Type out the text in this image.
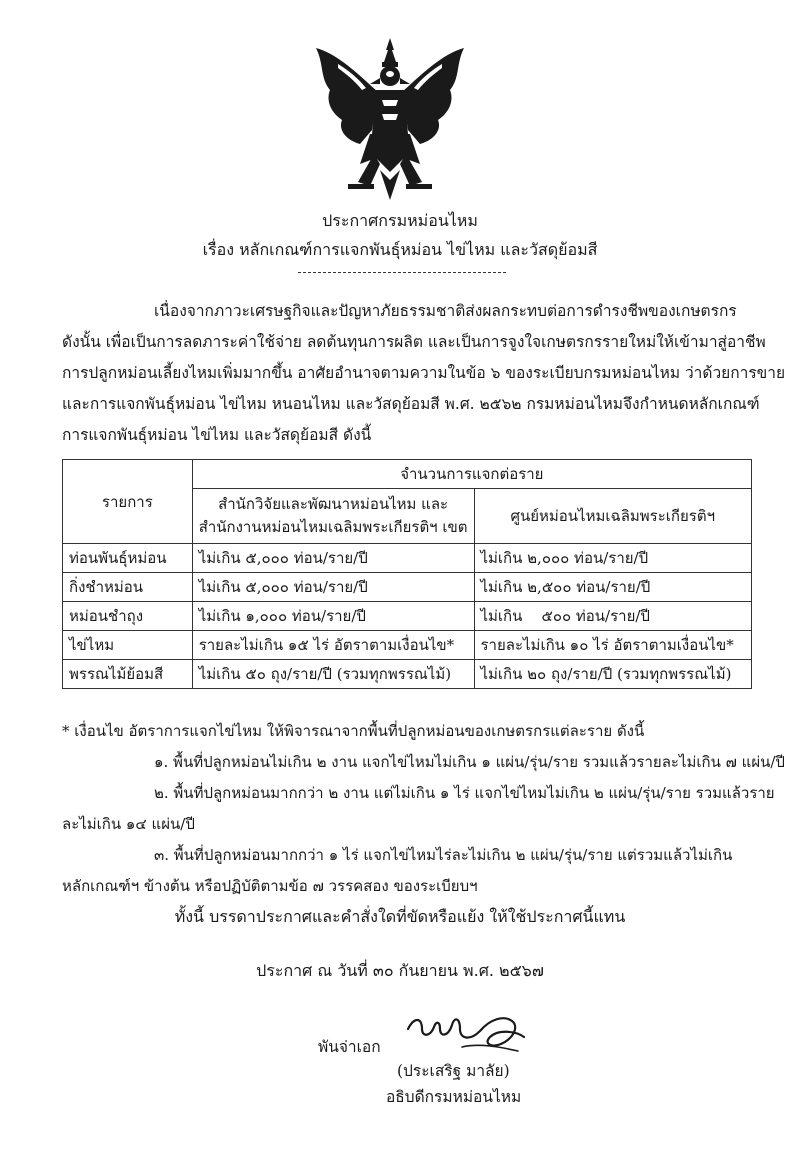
ประกาศกรมหม่อนไหม
เรื่อง หลักเกณฑ์การแจกพันธุ์หม่อน ไข่ไหม และวัสดุย้อมสี
เนื่องจากภาวะเศรษฐกิจและปัญหาภัยธรรมชาติส่งผลกระทบต่อการดำรงชีพของเกษตรกร
ดังนั้น เพื่อเป็นการลดภาระค่าใช้จ่าย ลดต้นทุนการผลิต และเป็นการจูงใจเกษตรกรรายใหม่ให้เข้ามาสู่อาชีพ
การปลูกหม่อนเลี้ยงไหมเพิ่มมากขึ้น อาศัยอำนาจตามความในข้อ ๖ ของระเบียบกรมหม่อนไหม ว่าด้วยการขาย
และการแจกพันธุ์หม่อน ไข่ไหม หนอนไหม และวัสดุย้อมสี พ.ศ. ๒๕๖๒ กรมหม่อนไหมจึงกำหนดหลักเกณฑ์
การแจกพันธุ์หม่อน ไข่ไหม และวัสดุย้อมสี ดังนี้
รายการ	จำนวนการแจกต่อราย	
	สำนักวิจัยและพัฒนาหม่อนไหม และ
สำนักงานหม่อนไหมเฉลิมพระเกียรติฯ เขต	ศูนย์หม่อนไหมเฉลิมพระเกียรติฯ
ท่อนพันธุ์หม่อน	ไม่เกิน ๕,๐๐๐ ท่อน/ราย/ปี	ไม่เกิน ๒,๐๐๐ ท่อน/ราย/ปี
กิ่งชำหม่อน	ไม่เกิน ๕,๐๐๐ ท่อน/ราย/ปี	ไม่เกิน ๒,๕๐๐ ท่อน/ราย/ปี
หม่อนชำถุง	ไม่เกิน ๑,๐๐๐ ท่อน/ราย/ปี	ไม่เกิน    ๕๐๐ ท่อน/ราย/ปี
ไข่ไหม	รายละไม่เกิน ๑๕ ไร่ อัตราตามเงื่อนไข*	รายละไม่เกิน ๑๐ ไร่ อัตราตามเงื่อนไข*
พรรณไม้ย้อมสี	ไม่เกิน ๕๐ ถุง/ราย/ปี (รวมทุกพรรณไม้)	ไม่เกิน ๒๐ ถุง/ราย/ปี (รวมทุกพรรณไม้)
* เงื่อนไข อัตราการแจกไข่ไหม ให้พิจารณาจากพื้นที่ปลูกหม่อนของเกษตรกรแต่ละราย ดังนี้
๑. พื้นที่ปลูกหม่อนไม่เกิน ๒ งาน แจกไข่ไหมไม่เกิน ๑ แผ่น/รุ่น/ราย รวมแล้วรายละไม่เกิน ๗ แผ่น/ปี
๒. พื้นที่ปลูกหม่อนมากกว่า ๒ งาน แต่ไม่เกิน ๑ ไร่ แจกไข่ไหมไม่เกิน ๒ แผ่น/รุ่น/ราย รวมแล้วราย
ละไม่เกิน ๑๔ แผ่น/ปี
๓. พื้นที่ปลูกหม่อนมากกว่า ๑ ไร่ แจกไข่ไหมไร่ละไม่เกิน ๒ แผ่น/รุ่น/ราย แต่รวมแล้วไม่เกิน
หลักเกณฑ์ฯ ข้างต้น หรือปฏิบัติตามข้อ ๗ วรรคสอง ของระเบียบฯ
ทั้งนี้ บรรดาประกาศและคำสั่งใดที่ขัดหรือแย้ง ให้ใช้ประกาศนี้แทน
ประกาศ ณ วันที่ ๓๐ กันยายน พ.ศ. ๒๕๖๗
พันจ่าเอก
(ประเสริฐ มาลัย)
อธิบดีกรมหม่อนไหม
